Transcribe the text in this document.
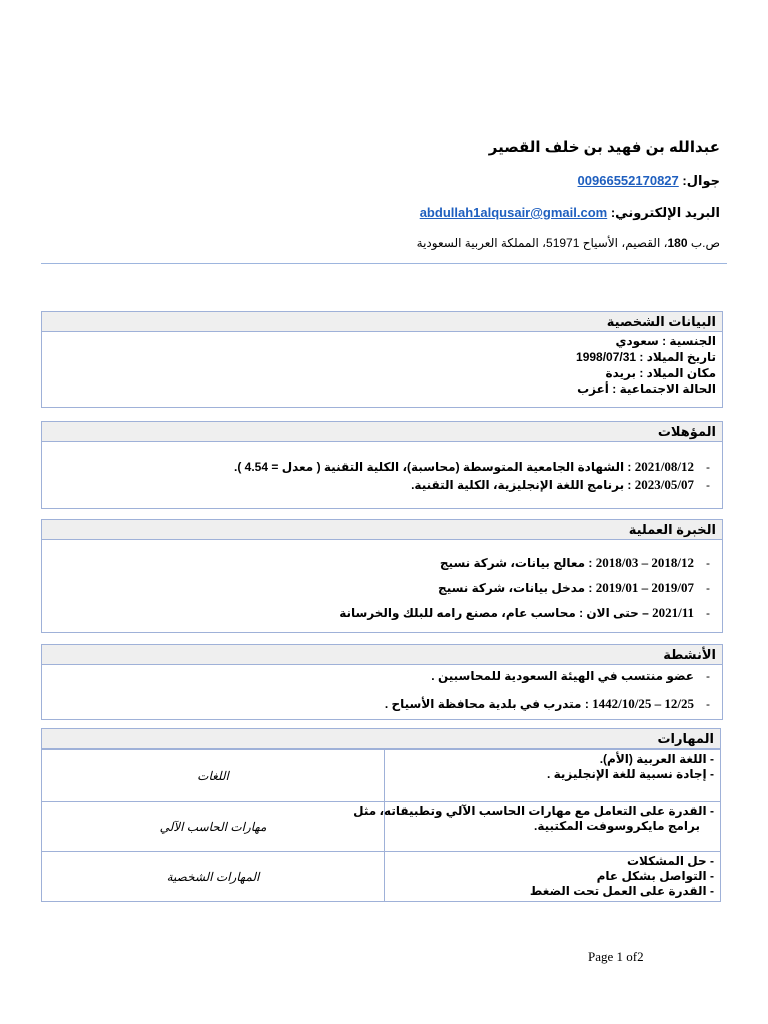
عبدالله بن فهيد بن خلف القصير
جوال: 00966552170827
البريد الإلكتروني: abdullah1alqusair@gmail.com
ص.ب 180، القصيم، الأسياح 51971، المملكة العربية السعودية
البيانات الشخصية
الجنسية : سعودي
تاريخ الميلاد : 1998/07/31
مكان الميلاد : بريدة
الحالة الاجتماعية : أعزب
المؤهلات
-
2021/08/12 : الشهادة الجامعية المتوسطة (محاسبة)، الكلية التقنية ( معدل = 4.54 ).
-
2023/05/07 : برنامج اللغة الإنجليزية، الكلية التقنية.
الخبرة العملية
-
2018/03 – 2018/12 : معالج بيانات، شركة نسيج
-
2019/01 – 2019/07 : مدخل بيانات، شركة نسيج
-
2021/11 – حتى الان : محاسب عام، مصنع رامه للبلك والخرسانة
الأنشطة
-
عضو منتسب في الهيئة السعودية للمحاسبين .
-
1442/10/25 – 12/25 : متدرب في بلدية محافظة الأسياح .
المهارات
- اللغة العربية (الأم).
- إجادة نسبية للغة الإنجليزية .	اللغات

- القدرة على التعامل مع مهارات الحاسب الآلي وتطبيقاته، مثل
برامج مايكروسوفت المكتبية.	مهارات الحاسب الآلي

- حل المشكلات
- التواصل بشكل عام
- القدرة على العمل تحت الضغط	المهارات الشخصية
Page 1 of2
